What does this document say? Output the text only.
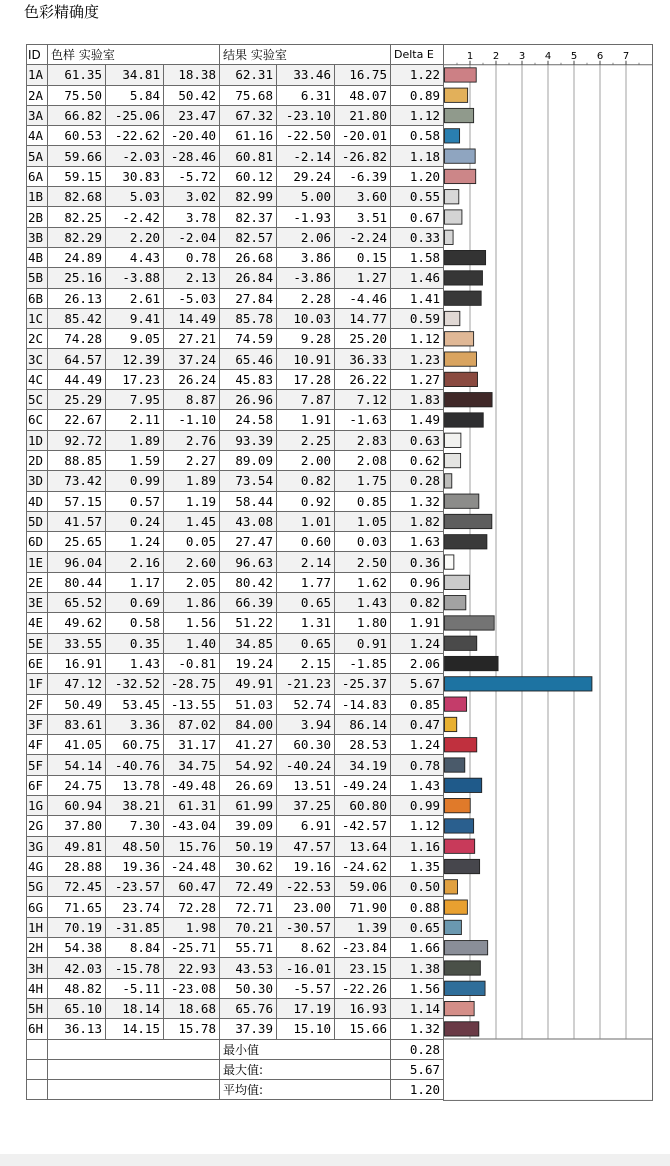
色彩精确度
ID	色样 实验室			结果 实验室			Delta E
1A	61.35	34.81	18.38	62.31	33.46	16.75	1.22
2A	75.50	5.84	50.42	75.68	6.31	48.07	0.89
3A	66.82	-25.06	23.47	67.32	-23.10	21.80	1.12
4A	60.53	-22.62	-20.40	61.16	-22.50	-20.01	0.58
5A	59.66	-2.03	-28.46	60.81	-2.14	-26.82	1.18
6A	59.15	30.83	-5.72	60.12	29.24	-6.39	1.20
1B	82.68	5.03	3.02	82.99	5.00	3.60	0.55
2B	82.25	-2.42	3.78	82.37	-1.93	3.51	0.67
3B	82.29	2.20	-2.04	82.57	2.06	-2.24	0.33
4B	24.89	4.43	0.78	26.68	3.86	0.15	1.58
5B	25.16	-3.88	2.13	26.84	-3.86	1.27	1.46
6B	26.13	2.61	-5.03	27.84	2.28	-4.46	1.41
1C	85.42	9.41	14.49	85.78	10.03	14.77	0.59
2C	74.28	9.05	27.21	74.59	9.28	25.20	1.12
3C	64.57	12.39	37.24	65.46	10.91	36.33	1.23
4C	44.49	17.23	26.24	45.83	17.28	26.22	1.27
5C	25.29	7.95	8.87	26.96	7.87	7.12	1.83
6C	22.67	2.11	-1.10	24.58	1.91	-1.63	1.49
1D	92.72	1.89	2.76	93.39	2.25	2.83	0.63
2D	88.85	1.59	2.27	89.09	2.00	2.08	0.62
3D	73.42	0.99	1.89	73.54	0.82	1.75	0.28
4D	57.15	0.57	1.19	58.44	0.92	0.85	1.32
5D	41.57	0.24	1.45	43.08	1.01	1.05	1.82
6D	25.65	1.24	0.05	27.47	0.60	0.03	1.63
1E	96.04	2.16	2.60	96.63	2.14	2.50	0.36
2E	80.44	1.17	2.05	80.42	1.77	1.62	0.96
3E	65.52	0.69	1.86	66.39	0.65	1.43	0.82
4E	49.62	0.58	1.56	51.22	1.31	1.80	1.91
5E	33.55	0.35	1.40	34.85	0.65	0.91	1.24
6E	16.91	1.43	-0.81	19.24	2.15	-1.85	2.06
1F	47.12	-32.52	-28.75	49.91	-21.23	-25.37	5.67
2F	50.49	53.45	-13.55	51.03	52.74	-14.83	0.85
3F	83.61	3.36	87.02	84.00	3.94	86.14	0.47
4F	41.05	60.75	31.17	41.27	60.30	28.53	1.24
5F	54.14	-40.76	34.75	54.92	-40.24	34.19	0.78
6F	24.75	13.78	-49.48	26.69	13.51	-49.24	1.43
1G	60.94	38.21	61.31	61.99	37.25	60.80	0.99
2G	37.80	7.30	-43.04	39.09	6.91	-42.57	1.12
3G	49.81	48.50	15.76	50.19	47.57	13.64	1.16
4G	28.88	19.36	-24.48	30.62	19.16	-24.62	1.35
5G	72.45	-23.57	60.47	72.49	-22.53	59.06	0.50
6G	71.65	23.74	72.28	72.71	23.00	71.90	0.88
1H	70.19	-31.85	1.98	70.21	-30.57	1.39	0.65
2H	54.38	8.84	-25.71	55.71	8.62	-23.84	1.66
3H	42.03	-15.78	22.93	43.53	-16.01	23.15	1.38
4H	48.82	-5.11	-23.08	50.30	-5.57	-22.26	1.56
5H	65.10	18.14	18.68	65.76	17.19	16.93	1.14
6H	36.13	14.15	15.78	37.39	15.10	15.66	1.32
				最小值			0.28
				最大值:			5.67
				平均值:			1.20
1 2 3 4 5 6 7
